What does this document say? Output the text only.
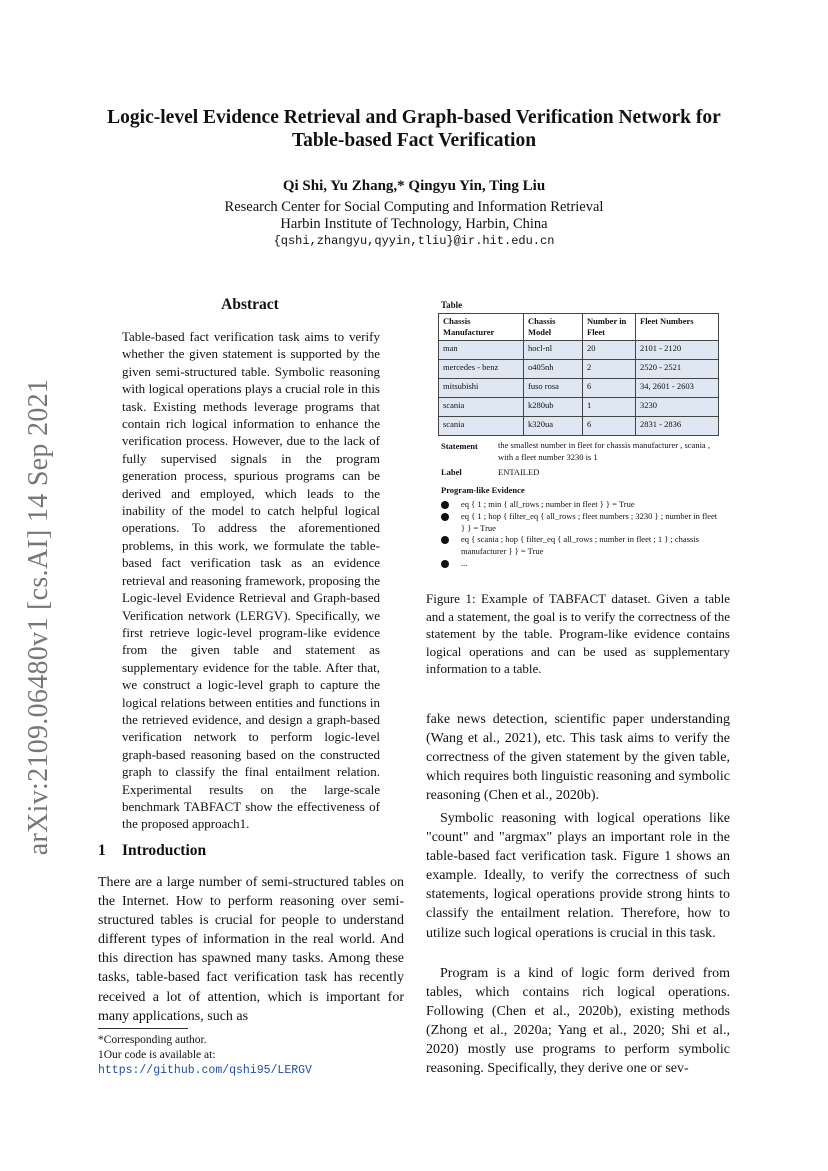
arXiv:2109.06480v1 [cs.AI] 14 Sep 2021
Logic-level Evidence Retrieval and Graph-based Verification Network for
Table-based Fact Verification
Qi Shi, Yu Zhang,* Qingyu Yin, Ting Liu
Research Center for Social Computing and Information Retrieval
Harbin Institute of Technology, Harbin, China
{qshi,zhangyu,qyyin,tliu}@ir.hit.edu.cn
Abstract
Table-based fact verification task aims to verify whether the given statement is supported by the given semi-structured table. Symbolic reasoning with logical operations plays a crucial role in this task. Existing methods leverage programs that contain rich logical information to enhance the verification process. However, due to the lack of fully supervised signals in the program generation process, spurious programs can be derived and employed, which leads to the inability of the model to catch helpful logical operations. To address the aforementioned problems, in this work, we formulate the table-based fact verification task as an evidence retrieval and reasoning framework, proposing the Logic-level Evidence Retrieval and Graph-based Verification network (LERGV). Specifically, we first retrieve logic-level program-like evidence from the given table and statement as supplementary evidence for the table. After that, we construct a logic-level graph to capture the logical relations between entities and functions in the retrieved evidence, and design a graph-based verification network to perform logic-level graph-based reasoning based on the constructed graph to classify the final entailment relation. Experimental results on the large-scale benchmark TABFACT show the effectiveness of the proposed approach1.
1 Introduction
There are a large number of semi-structured tables on the Internet. How to perform reasoning over semi-structured tables is crucial for people to understand different types of information in the real world. And this direction has spawned many tasks. Among these tasks, table-based fact verification task has recently received a lot of attention, which is important for many applications, such as
*Corresponding author.
1Our code is available at: https://github.com/qshi95/LERGV
Table
Chassis Manufacturer	Chassis Model	Number in Fleet	Fleet Numbers
man	hocl-nl	20	2101 - 2120
mercedes - benz	o405nh	2	2520 - 2521
mitsubishi	fuso rosa	6	34, 2601 - 2603
scania	k280ub	1	3230
scania	k320ua	6	2831 - 2836
Statement the smallest number in fleet for chassis manufacturer , scania , with a fleet number 3230 is 1
Label	ENTAILED
Program-like Evidence
eq { 1 ; min { all_rows ; number in fleet } } = True
eq { 1 ; hop { filter_eq { all_rows ; fleet numbers ; 3230 } ; number in fleet } } = True
eq { scania ; hop { filter_eq { all_rows ; number in fleet ; 1 } ; chassis manufacturer } } = True
...
Figure 1: Example of TABFACT dataset. Given a table and a statement, the goal is to verify the correctness of the statement by the table. Program-like evidence contains logical operations and can be used as supplementary information to a table.
fake news detection, scientific paper understanding (Wang et al., 2021), etc. This task aims to verify the correctness of the given statement by the given table, which requires both linguistic reasoning and symbolic reasoning (Chen et al., 2020b).
Symbolic reasoning with logical operations like "count" and "argmax" plays an important role in the table-based fact verification task. Figure 1 shows an example. Ideally, to verify the correctness of such statements, logical operations provide strong hints to classify the entailment relation. Therefore, how to utilize such logical operations is crucial in this task.
Program is a kind of logic form derived from tables, which contains rich logical operations. Following (Chen et al., 2020b), existing methods (Zhong et al., 2020a; Yang et al., 2020; Shi et al., 2020) mostly use programs to perform symbolic reasoning. Specifically, they derive one or sev-
